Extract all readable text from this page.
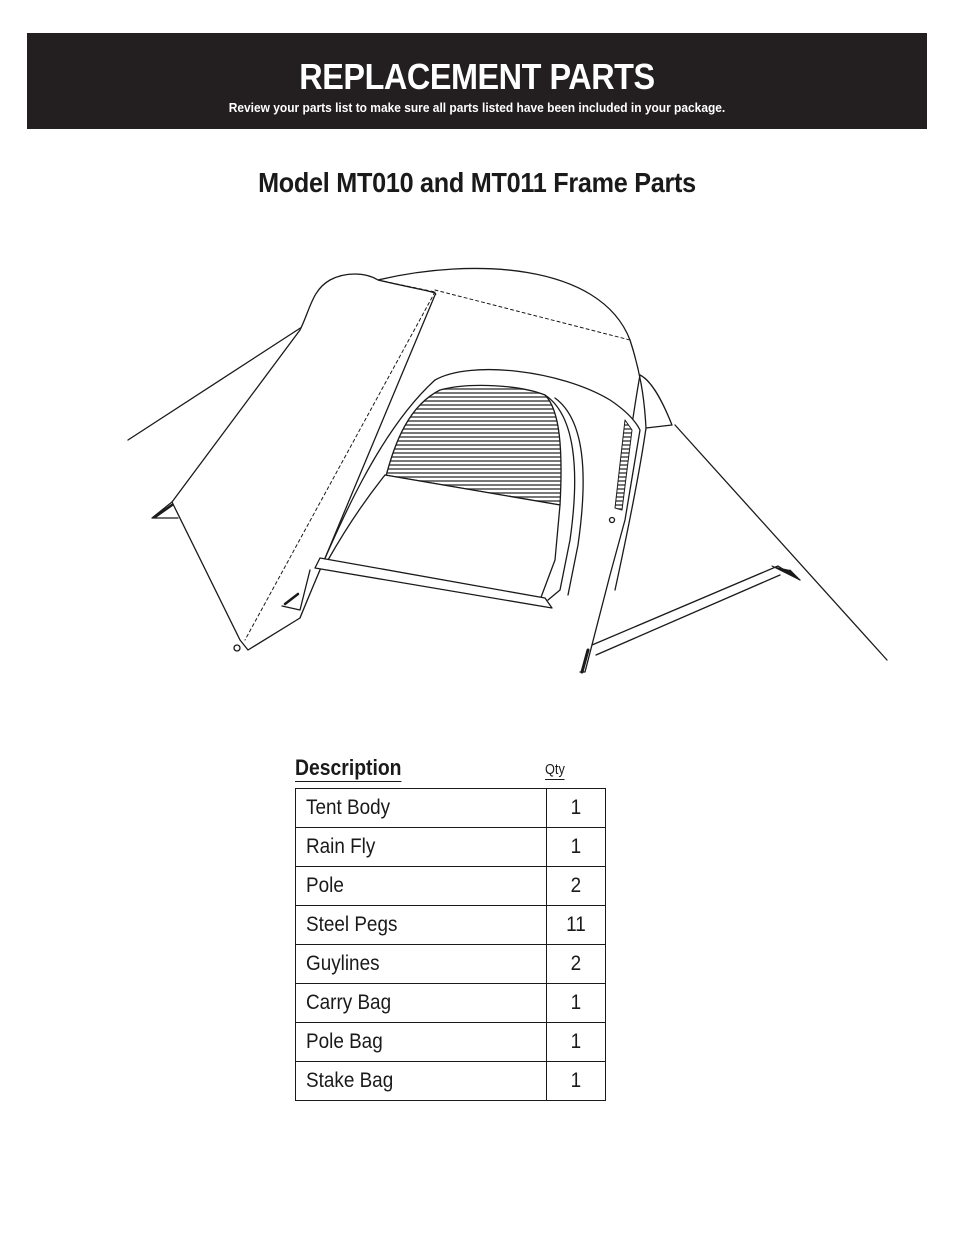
REPLACEMENT PARTS
Review your parts list to make sure all parts listed have been included in your package.
Model MT010 and MT011 Frame Parts
Description	Qty
Tent Body	1
Rain Fly	1
Pole	2
Steel Pegs	11
Guylines	2
Carry Bag	1
Pole Bag	1
Stake Bag	1
